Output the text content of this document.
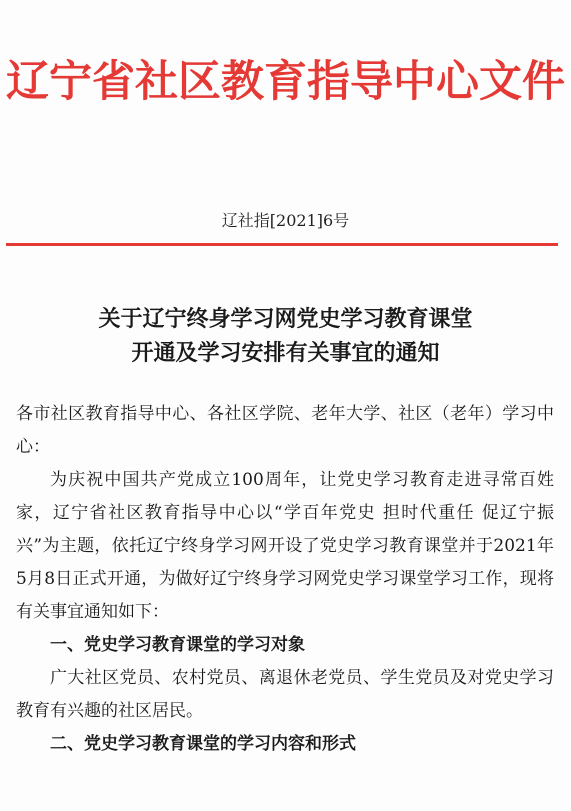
辽宁省社区教育指导中心文件
辽社指[2021]6号
关于辽宁终身学习网党史学习教育课堂
开通及学习安排有关事宜的通知

各市社区教育指导中心、各社区学院、老年大学、社区（老年）学习中心：

为庆祝中国共产党成立100周年，让党史学习教育走进寻常百姓家，辽宁省社区教育指导中心以“学百年党史 担时代重任 促辽宁振兴”为主题，依托辽宁终身学习网开设了党史学习教育课堂并于2021年5月8日正式开通，为做好辽宁终身学习网党史学习课堂学习工作，现将有关事宜通知如下：

一、党史学习教育课堂的学习对象

广大社区党员、农村党员、离退休老党员、学生党员及对党史学习教育有兴趣的社区居民。

二、党史学习教育课堂的学习内容和形式
